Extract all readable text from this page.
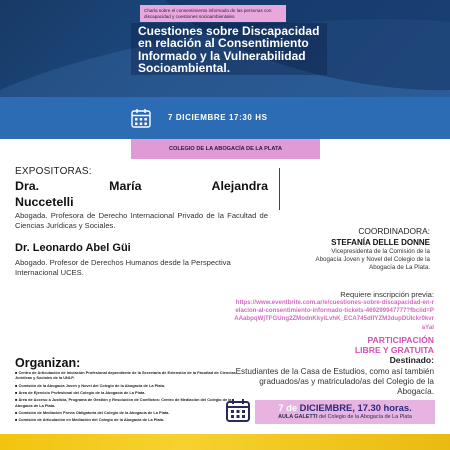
Charla sobre el consentimiento informado de las personas con discapacidad y cuestiones socioambientales.
Cuestiones sobre Discapacidad
en relación al Consentimiento
Informado y la Vulnerabilidad
Socioambiental.
7 DICIEMBRE 17:30 HS
COLEGIO DE LA ABOGACÍA DE LA PLATA
EXPOSITORAS:
Dra.	María	Alejandra
Nuccetelli
Abogada. Profesora de Derecho Internacional Privado de la Facultad de Ciencias Jurídicas y Sociales.
Dr. Leonardo Abel Güi
Abogado. Profesor de Derechos Humanos desde la Perspectiva Internacional UCES.
COORDINADORA:
STEFANÍA DELLE DONNE
Vicepresidenta de la Comisión de la Abogacía Joven y Novel del Colegio de la Abogacía de La Plata.
Requiere inscripción previa:
https://www.eventbrite.com.ar/e/cuestiones-sobre-discapacidad-en-relacion-al-consentimiento-informado-tickets-469299947777?fbclid=PAAabpqWjTFGUng2ZModnKkyiLvhK_ECA745dlfYZM3dupDUIckr0kvraYal
PARTICIPACIÓN
LIBRE Y GRATUITA
Destinado:
Estudiantes de la Casa de Estudios, como así también graduados/as y matriculado/as del Colegio de la Abogacía.
Organizan:
■ Centro de Articulación de Iniciación Profesional dependiente de la Secretaría de Extensión de la Facultad de Ciencias Jurídicas y Sociales de la UNLP.
■ Comisión de la Abogacía Joven y Novel del Colegio de la Abogacía de La Plata.
■ Área de Ejercicio Profesional del Colegio de la Abogacía de La Plata.
■ Área de Acceso a Justicia, Programa de Gestión y Resolución de Conflictos: Centro de Mediación del Colegio de la Abogacía de La Plata.
■ Comisión de Mediación Previa Obligatoria del Colegio de la Abogacía de La Plata.
■ Comisión de Articulación en Mediación del Colegio de la Abogacía de La Plata.
7 de DICIEMBRE, 17.30 horas.
AULA GALETTI del Colegio de la Abogacía de La Plata
